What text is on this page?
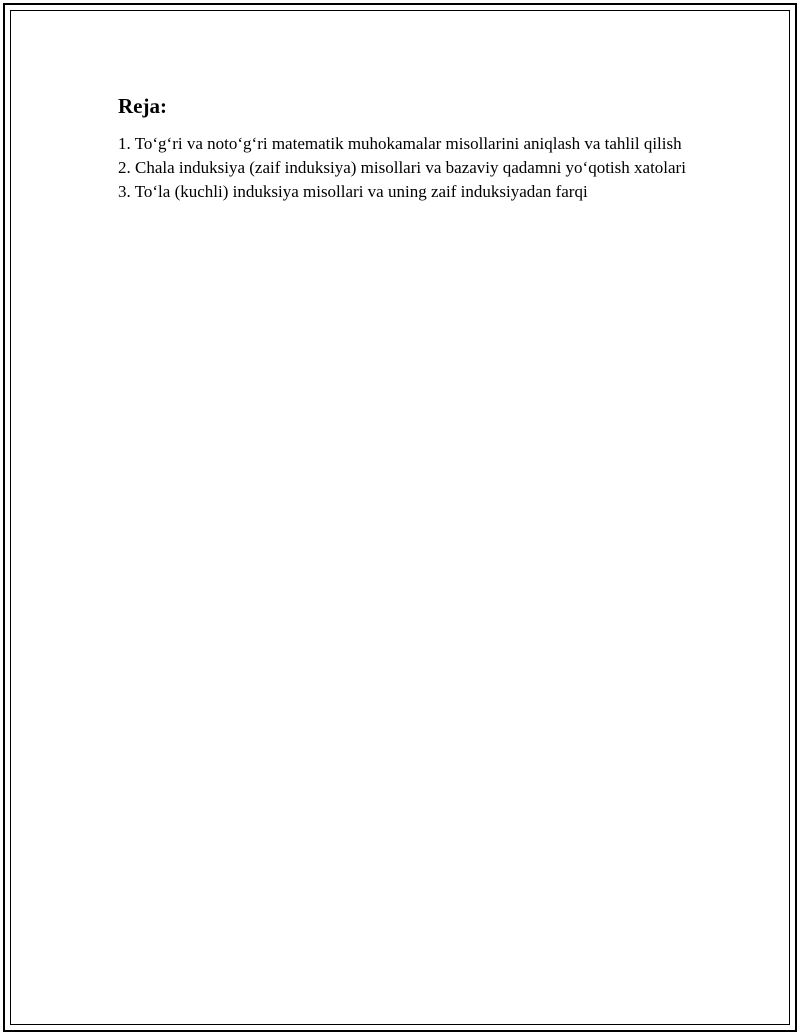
Reja:
1. To‘g‘ri va noto‘g‘ri matematik muhokamalar misollarini aniqlash va tahlil qilish
2. Chala induksiya (zaif induksiya) misollari va bazaviy qadamni yo‘qotish xatolari
3. To‘la (kuchli) induksiya misollari va uning zaif induksiyadan farqi
